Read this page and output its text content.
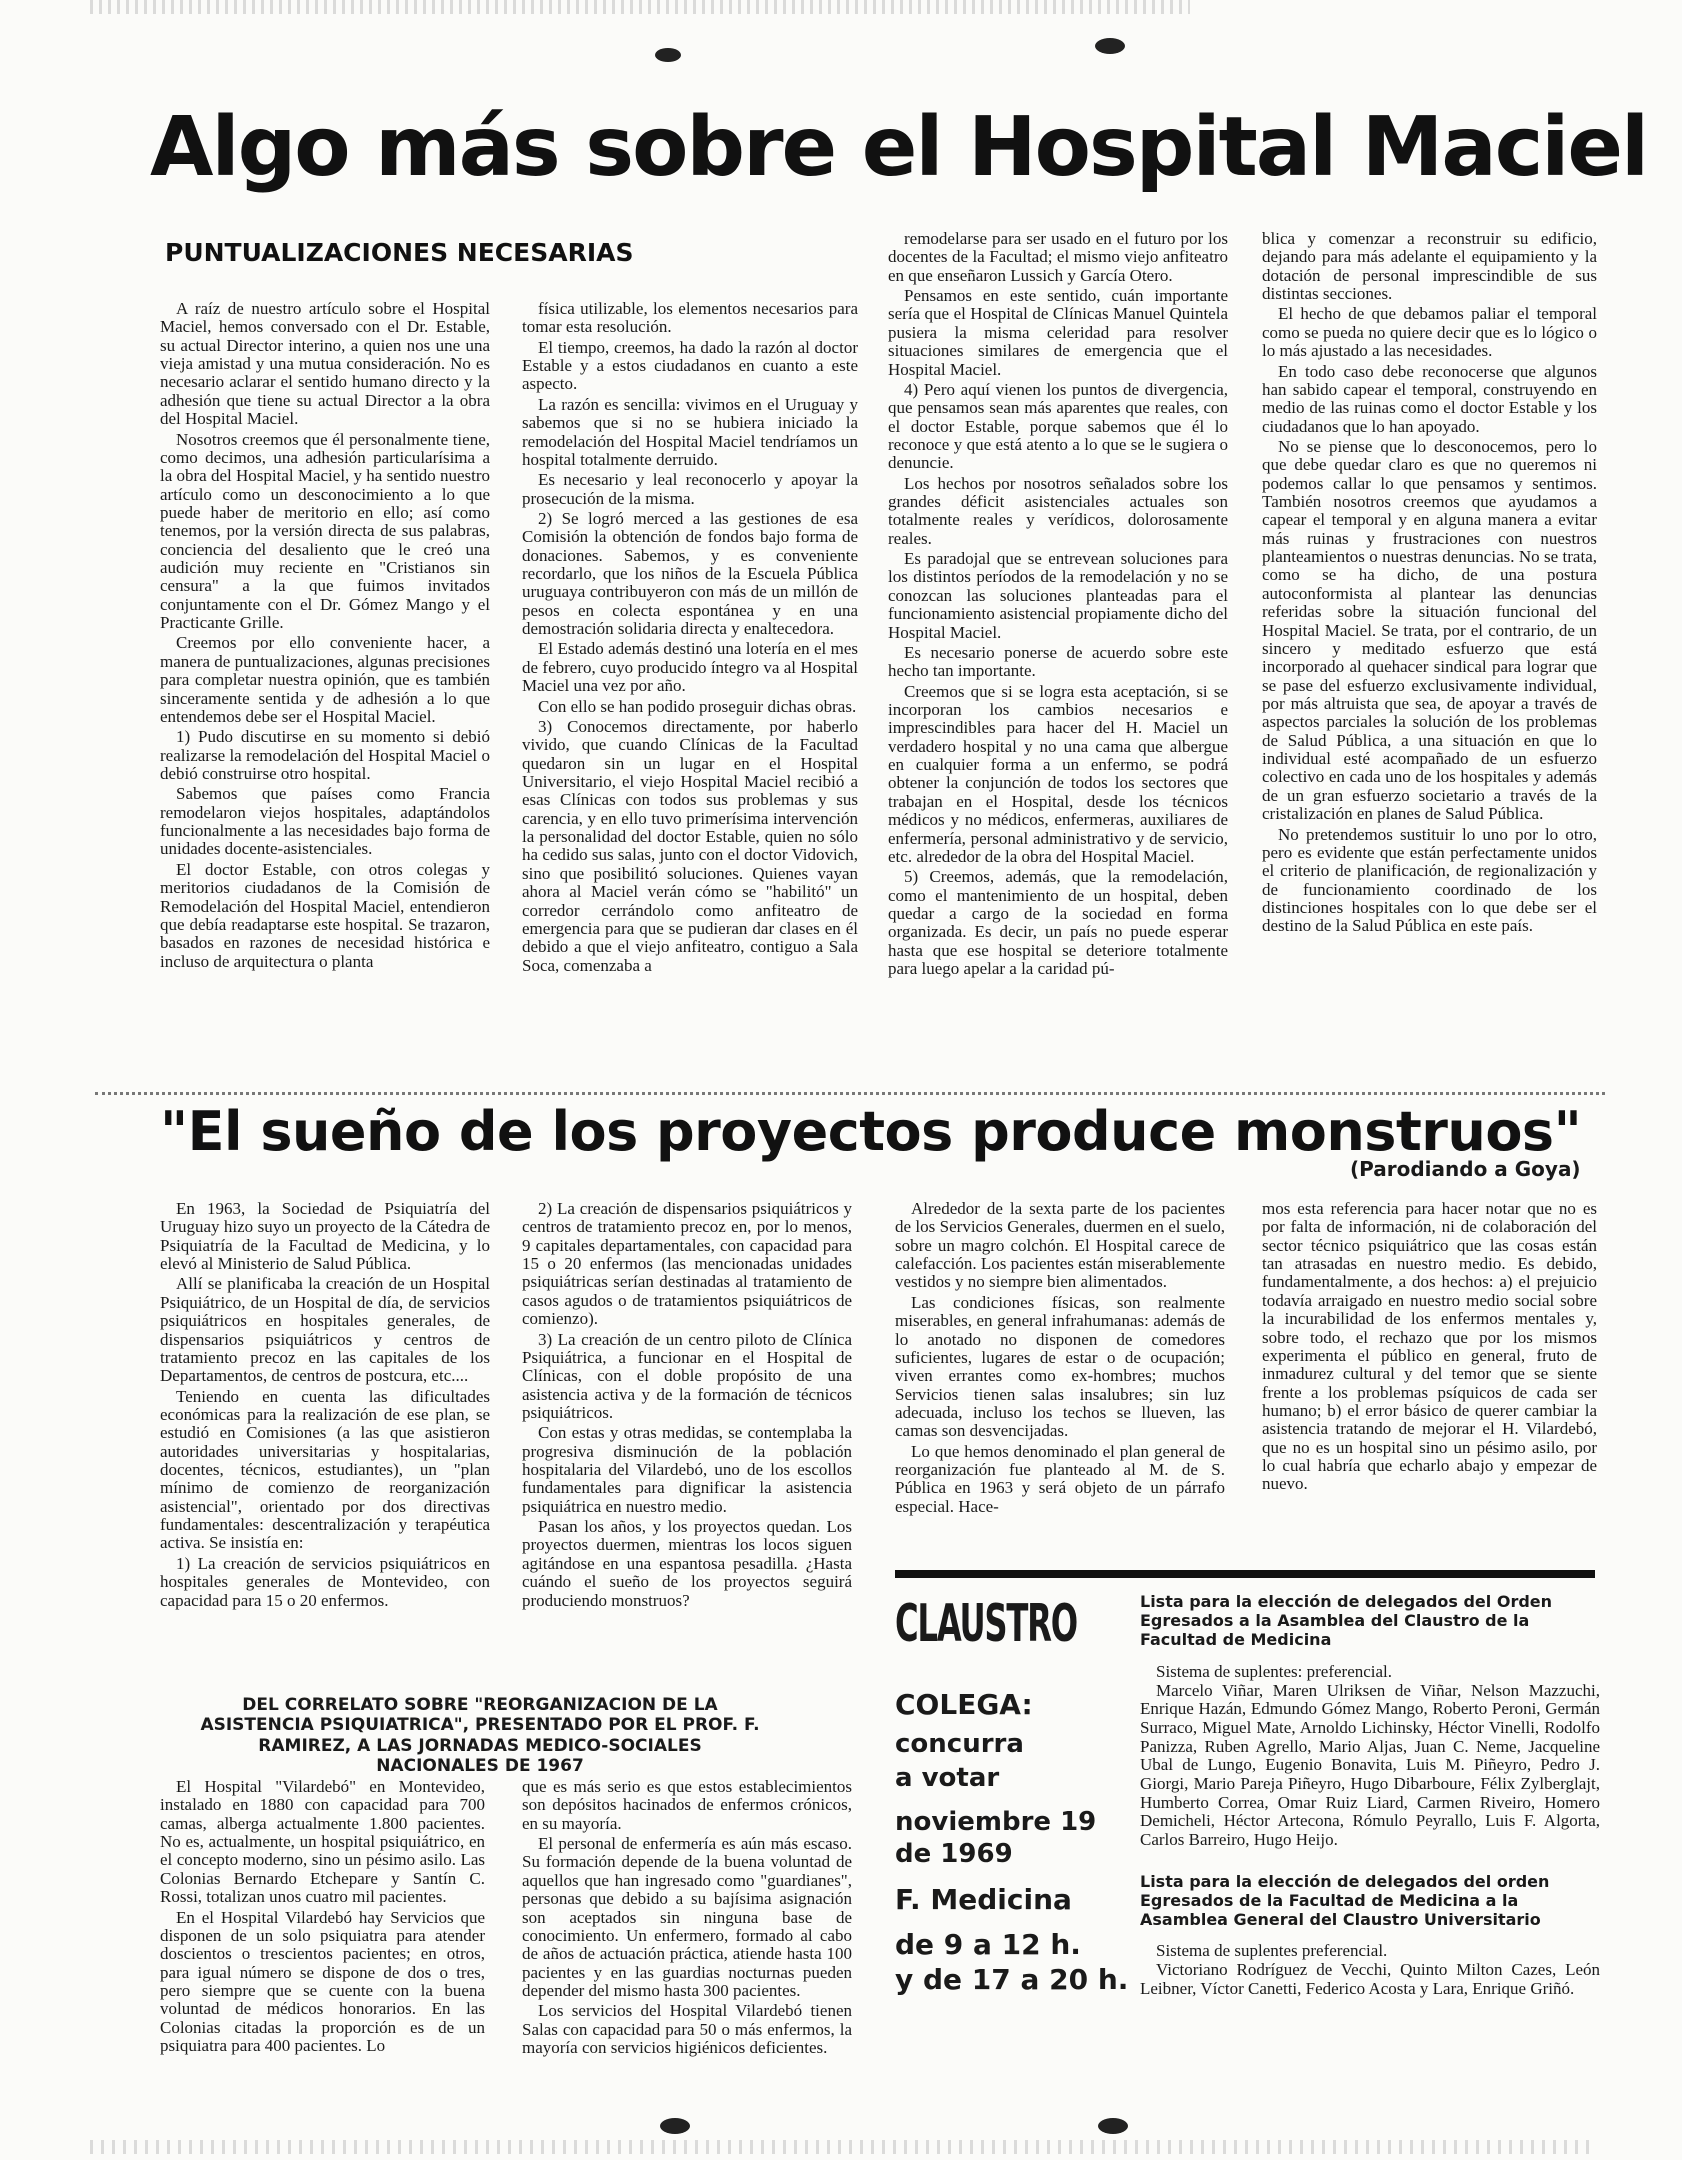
Algo más sobre el Hospital Maciel
PUNTUALIZACIONES NECESARIAS

A raíz de nuestro artículo sobre el Hospital Maciel, hemos conversado con el Dr. Estable, su actual Director interino, a quien nos une una vieja amistad y una mutua consideración. No es necesario aclarar el sentido humano directo y la adhesión que tiene su actual Director a la obra del Hospital Maciel.

Nosotros creemos que él personalmente tiene, como decimos, una adhesión particularísima a la obra del Hospital Maciel, y ha sentido nuestro artículo como un desconocimiento a lo que puede haber de meritorio en ello; así como tenemos, por la versión directa de sus palabras, conciencia del desaliento que le creó una audición muy reciente en "Cristianos sin censura" a la que fuimos invitados conjuntamente con el Dr. Gómez Mango y el Practicante Grille.

Creemos por ello conveniente hacer, a manera de puntualizaciones, algunas precisiones para completar nuestra opinión, que es también sinceramente sentida y de adhesión a lo que entendemos debe ser el Hospital Maciel.

1) Pudo discutirse en su momento si debió realizarse la remodelación del Hospital Maciel o debió construirse otro hospital.

Sabemos que países como Francia remodelaron viejos hospitales, adaptándolos funcionalmente a las necesidades bajo forma de unidades docente-asistenciales.

El doctor Estable, con otros colegas y meritorios ciudadanos de la Comisión de Remodelación del Hospital Maciel, entendieron que debía readaptarse este hospital. Se trazaron, basados en razones de necesidad histórica e incluso de arquitectura o planta

física utilizable, los elementos necesarios para tomar esta resolución.

El tiempo, creemos, ha dado la razón al doctor Estable y a estos ciudadanos en cuanto a este aspecto.

La razón es sencilla: vivimos en el Uruguay y sabemos que si no se hubiera iniciado la remodelación del Hospital Maciel tendríamos un hospital totalmente derruido.

Es necesario y leal reconocerlo y apoyar la prosecución de la misma.

2) Se logró merced a las gestiones de esa Comisión la obtención de fondos bajo forma de donaciones. Sabemos, y es conveniente recordarlo, que los niños de la Escuela Pública uruguaya contribuyeron con más de un millón de pesos en colecta espontánea y en una demostración solidaria directa y enaltecedora.

El Estado además destinó una lotería en el mes de febrero, cuyo producido íntegro va al Hospital Maciel una vez por año.

Con ello se han podido proseguir dichas obras.

3) Conocemos directamente, por haberlo vivido, que cuando Clínicas de la Facultad quedaron sin un lugar en el Hospital Universitario, el viejo Hospital Maciel recibió a esas Clínicas con todos sus problemas y sus carencia, y en ello tuvo primerísima intervención la personalidad del doctor Estable, quien no sólo ha cedido sus salas, junto con el doctor Vidovich, sino que posibilitó soluciones. Quienes vayan ahora al Maciel verán cómo se "habilitó" un corredor cerrándolo como anfiteatro de emergencia para que se pudieran dar clases en él debido a que el viejo anfiteatro, contiguo a Sala Soca, comenzaba a

remodelarse para ser usado en el futuro por los docentes de la Facultad; el mismo viejo anfiteatro en que enseñaron Lussich y García Otero.

Pensamos en este sentido, cuán importante sería que el Hospital de Clínicas Manuel Quintela pusiera la misma celeridad para resolver situaciones similares de emergencia que el Hospital Maciel.

4) Pero aquí vienen los puntos de divergencia, que pensamos sean más aparentes que reales, con el doctor Estable, porque sabemos que él lo reconoce y que está atento a lo que se le sugiera o denuncie.

Los hechos por nosotros señalados sobre los grandes déficit asistenciales actuales son totalmente reales y verídicos, dolorosamente reales.

Es paradojal que se entrevean soluciones para los distintos períodos de la remodelación y no se conozcan las soluciones planteadas para el funcionamiento asistencial propiamente dicho del Hospital Maciel.

Es necesario ponerse de acuerdo sobre este hecho tan importante.

Creemos que si se logra esta aceptación, si se incorporan los cambios necesarios e imprescindibles para hacer del H. Maciel un verdadero hospital y no una cama que albergue en cualquier forma a un enfermo, se podrá obtener la conjunción de todos los sectores que trabajan en el Hospital, desde los técnicos médicos y no médicos, enfermeras, auxiliares de enfermería, personal administrativo y de servicio, etc. alrededor de la obra del Hospital Maciel.

5) Creemos, además, que la remodelación, como el mantenimiento de un hospital, deben quedar a cargo de la sociedad en forma organizada. Es decir, un país no puede esperar hasta que ese hospital se deteriore totalmente para luego apelar a la caridad pú-

blica y comenzar a reconstruir su edificio, dejando para más adelante el equipamiento y la dotación de personal imprescindible de sus distintas secciones.

El hecho de que debamos paliar el temporal como se pueda no quiere decir que es lo lógico o lo más ajustado a las necesidades.

En todo caso debe reconocerse que algunos han sabido capear el temporal, construyendo en medio de las ruinas como el doctor Estable y los ciudadanos que lo han apoyado.

No se piense que lo desconocemos, pero lo que debe quedar claro es que no queremos ni podemos callar lo que pensamos y sentimos. También nosotros creemos que ayudamos a capear el temporal y en alguna manera a evitar más ruinas y frustraciones con nuestros planteamientos o nuestras denuncias. No se trata, como se ha dicho, de una postura autoconformista al plantear las denuncias referidas sobre la situación funcional del Hospital Maciel. Se trata, por el contrario, de un sincero y meditado esfuerzo que está incorporado al quehacer sindical para lograr que se pase del esfuerzo exclusivamente individual, por más altruista que sea, de apoyar a través de aspectos parciales la solución de los problemas de Salud Pública, a una situación en que lo individual esté acompañado de un esfuerzo colectivo en cada uno de los hospitales y además de un gran esfuerzo societario a través de la cristalización en planes de Salud Pública.

No pretendemos sustituir lo uno por lo otro, pero es evidente que están perfectamente unidos el criterio de planificación, de regionalización y de funcionamiento coordinado de los distinciones hospitales con lo que debe ser el destino de la Salud Pública en este país.

"El sueño de los proyectos produce monstruos"
(Parodiando a Goya)

En 1963, la Sociedad de Psiquiatría del Uruguay hizo suyo un proyecto de la Cátedra de Psiquiatría de la Facultad de Medicina, y lo elevó al Ministerio de Salud Pública.

Allí se planificaba la creación de un Hospital Psiquiátrico, de un Hospital de día, de servicios psiquiátricos en hospitales generales, de dispensarios psiquiátricos y centros de tratamiento precoz en las capitales de los Departamentos, de centros de postcura, etc....

Teniendo en cuenta las dificultades económicas para la realización de ese plan, se estudió en Comisiones (a las que asistieron autoridades universitarias y hospitalarias, docentes, técnicos, estudiantes), un "plan mínimo de comienzo de reorganización asistencial", orientado por dos directivas fundamentales: descentralización y terapéutica activa. Se insistía en:

1) La creación de servicios psiquiátricos en hospitales generales de Montevideo, con capacidad para 15 o 20 enfermos.

2) La creación de dispensarios psiquiátricos y centros de tratamiento precoz en, por lo menos, 9 capitales departamentales, con capacidad para 15 o 20 enfermos (las mencionadas unidades psiquiátricas serían destinadas al tratamiento de casos agudos o de tratamientos psiquiátricos de comienzo).

3) La creación de un centro piloto de Clínica Psiquiátrica, a funcionar en el Hospital de Clínicas, con el doble propósito de una asistencia activa y de la formación de técnicos psiquiátricos.

Con estas y otras medidas, se contemplaba la progresiva disminución de la población hospitalaria del Vilardebó, uno de los escollos fundamentales para dignificar la asistencia psiquiátrica en nuestro medio.

Pasan los años, y los proyectos quedan. Los proyectos duermen, mientras los locos siguen agitándose en una espantosa pesadilla. ¿Hasta cuándo el sueño de los proyectos seguirá produciendo monstruos?

Alrededor de la sexta parte de los pacientes de los Servicios Generales, duermen en el suelo, sobre un magro colchón. El Hospital carece de calefacción. Los pacientes están miserablemente vestidos y no siempre bien alimentados.

Las condiciones físicas, son realmente miserables, en general infrahumanas: además de lo anotado no disponen de comedores suficientes, lugares de estar o de ocupación; viven errantes como ex-hombres; muchos Servicios tienen salas insalubres; sin luz adecuada, incluso los techos se llueven, las camas son desvencijadas.

Lo que hemos denominado el plan general de reorganización fue planteado al M. de S. Pública en 1963 y será objeto de un párrafo especial. Hace-

mos esta referencia para hacer notar que no es por falta de información, ni de colaboración del sector técnico psiquiátrico que las cosas están tan atrasadas en nuestro medio. Es debido, fundamentalmente, a dos hechos: a) el prejuicio todavía arraigado en nuestro medio social sobre la incurabilidad de los enfermos mentales y, sobre todo, el rechazo que por los mismos experimenta el público en general, fruto de inmadurez cultural y del temor que se siente frente a los problemas psíquicos de cada ser humano; b) el error básico de querer cambiar la asistencia tratando de mejorar el H. Vilardebó, que no es un hospital sino un pésimo asilo, por lo cual habría que echarlo abajo y empezar de nuevo.

DEL CORRELATO SOBRE "REORGANIZACION DE LA ASISTENCIA PSIQUIATRICA", PRESENTADO POR EL PROF. F. RAMIREZ, A LAS JORNADAS MEDICO-SOCIALES NACIONALES DE 1967

El Hospital "Vilardebó" en Montevideo, instalado en 1880 con capacidad para 700 camas, alberga actualmente 1.800 pacientes. No es, actualmente, un hospital psiquiátrico, en el concepto moderno, sino un pésimo asilo. Las Colonias Bernardo Etchepare y Santín C. Rossi, totalizan unos cuatro mil pacientes.

En el Hospital Vilardebó hay Servicios que disponen de un solo psiquiatra para atender doscientos o trescientos pacientes; en otros, para igual número se dispone de dos o tres, pero siempre que se cuente con la buena voluntad de médicos honorarios. En las Colonias citadas la proporción es de un psiquiatra para 400 pacientes. Lo

que es más serio es que estos establecimientos son depósitos hacinados de enfermos crónicos, en su mayoría.

El personal de enfermería es aún más escaso. Su formación depende de la buena voluntad de aquellos que han ingresado como "guardianes", personas que debido a su bajísima asignación son aceptados sin ninguna base de conocimiento. Un enfermero, formado al cabo de años de actuación práctica, atiende hasta 100 pacientes y en las guardias nocturnas pueden depender del mismo hasta 300 pacientes.

Los servicios del Hospital Vilardebó tienen Salas con capacidad para 50 o más enfermos, la mayoría con servicios higiénicos deficientes.

CLAUSTRO
COLEGA:
concurra
a votar
noviembre 19
de 1969
F. Medicina
de 9 a 12 h.
y de 17 a 20 h.
Lista para la elección de delegados del Orden Egresados a la Asamblea del Claustro de la Facultad de Medicina
Sistema de suplentes: preferencial.
Marcelo Viñar, Maren Ulriksen de Viñar, Nelson Mazzuchi, Enrique Hazán, Edmundo Gómez Mango, Roberto Peroni, Germán Surraco, Miguel Mate, Arnoldo Lichinsky, Héctor Vinelli, Rodolfo Panizza, Ruben Agrello, Mario Aljas, Juan C. Neme, Jacqueline Ubal de Lungo, Eugenio Bonavita, Luis M. Piñeyro, Pedro J. Giorgi, Mario Pareja Piñeyro, Hugo Dibarboure, Félix Zylberglajt, Humberto Correa, Omar Ruiz Liard, Carmen Riveiro, Homero Demicheli, Héctor Artecona, Rómulo Peyrallo, Luis F. Algorta, Carlos Barreiro, Hugo Heijo.
Lista para la elección de delegados del orden Egresados de la Facultad de Medicina a la Asamblea General del Claustro Universitario
Sistema de suplentes preferencial.
Victoriano Rodríguez de Vecchi, Quinto Milton Cazes, León Leibner, Víctor Canetti, Federico Acosta y Lara, Enrique Griñó.
